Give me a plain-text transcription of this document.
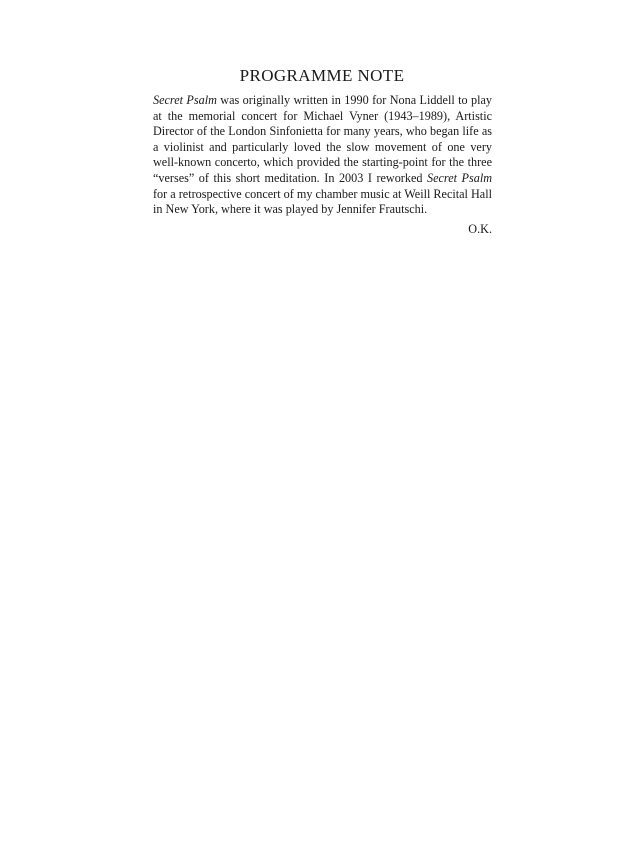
PROGRAMME NOTE

Secret Psalm was originally written in 1990 for Nona Liddell to play at the memorial concert for Michael Vyner (1943–1989), Artistic Director of the London Sinfonietta for many years, who began life as a violinist and particularly loved the slow movement of one very well-known concerto, which provided the starting-point for the three “verses” of this short meditation. In 2003 I reworked Secret Psalm for a retrospective concert of my chamber music at Weill Recital Hall in New York, where it was played by Jennifer Frautschi.

O.K.
